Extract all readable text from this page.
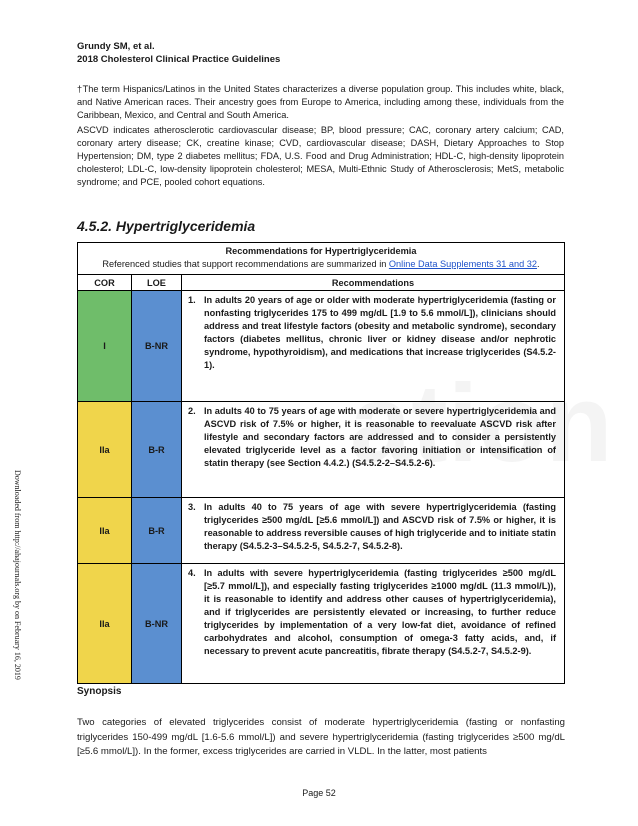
Grundy SM, et al.
2018 Cholesterol Clinical Practice Guidelines
†The term Hispanics/Latinos in the United States characterizes a diverse population group. This includes white, black, and Native American races. Their ancestry goes from Europe to America, including among these, individuals from the Caribbean, Mexico, and Central and South America.
ASCVD indicates atherosclerotic cardiovascular disease; BP, blood pressure; CAC, coronary artery calcium; CAD, coronary artery disease; CK, creatine kinase; CVD, cardiovascular disease; DASH, Dietary Approaches to Stop Hypertension; DM, type 2 diabetes mellitus; FDA, U.S. Food and Drug Administration; HDL-C, high-density lipoprotein cholesterol; LDL-C, low-density lipoprotein cholesterol; MESA, Multi-Ethnic Study of Atherosclerosis; MetS, metabolic syndrome; and PCE, pooled cohort equations.
Downloaded from http://ahajournals.org by on February 16, 2019
4.5.2. Hypertriglyceridemia
Recommendations for Hypertriglyceridemia
Referenced studies that support recommendations are summarized in Online Data Supplements 31 and 32.		

COR	LOE	Recommendations
I	B-NR	1. In adults 20 years of age or older with moderate hypertriglyceridemia (fasting or nonfasting triglycerides 175 to 499 mg/dL [1.9 to 5.6 mmol/L]), clinicians should address and treat lifestyle factors (obesity and metabolic syndrome), secondary factors (diabetes mellitus, chronic liver or kidney disease and/or nephrotic syndrome, hypothyroidism), and medications that increase triglycerides (S4.5.2-1).

IIa	B-R	2. In adults 40 to 75 years of age with moderate or severe hypertriglyceridemia and ASCVD risk of 7.5% or higher, it is reasonable to reevaluate ASCVD risk after lifestyle and secondary factors are addressed and to consider a persistently elevated triglyceride level as a factor favoring initiation or intensification of statin therapy (see Section 4.4.2.) (S4.5.2-2–S4.5.2-6).

IIa	B-R	3. In adults 40 to 75 years of age with severe hypertriglyceridemia (fasting triglycerides ≥500 mg/dL [≥5.6 mmol/L]) and ASCVD risk of 7.5% or higher, it is reasonable to address reversible causes of high triglyceride and to initiate statin therapy (S4.5.2-3–S4.5.2-5, S4.5.2-7, S4.5.2-8).

IIa	B-NR	4. In adults with severe hypertriglyceridemia (fasting triglycerides ≥500 mg/dL [≥5.7 mmol/L]), and especially fasting triglycerides ≥1000 mg/dL (11.3 mmol/L)), it is reasonable to identify and address other causes of hypertriglyceridemia), and if triglycerides are persistently elevated or increasing, to further reduce triglycerides by implementation of a very low-fat diet, avoidance of refined carbohydrates and alcohol, consumption of omega-3 fatty acids, and, if necessary to prevent acute pancreatitis, fibrate therapy (S4.5.2-7, S4.5.2-9).
Synopsis
Two categories of elevated triglycerides consist of moderate hypertriglyceridemia (fasting or nonfasting triglycerides 150-499 mg/dL [1.6-5.6 mmol/L]) and severe hypertriglyceridemia (fasting triglycerides ≥500 mg/dL [≥5.6 mmol/L]). In the former, excess triglycerides are carried in VLDL. In the latter, most patients
Page 52
